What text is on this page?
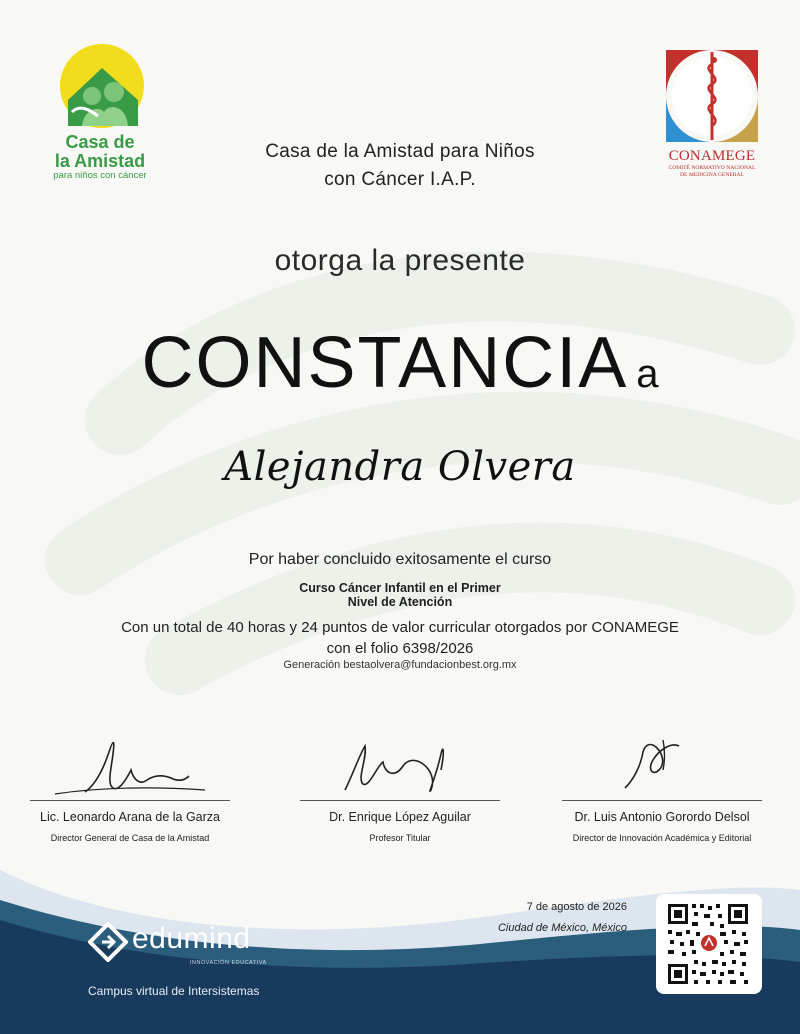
Casa de
la Amistad
para niños con cáncer
Casa de la Amistad para Niños
con Cáncer I.A.P.
CONAMEGE
COMITÉ NORMATIVO NACIONAL
DE MEDICINA GENERAL
otorga la presente
CONSTANCIA a
Alejandra Olvera
Por haber concluido exitosamente el curso
Curso Cáncer Infantil en el Primer
Nivel de Atención
Con un total de 40 horas y 24 puntos de valor curricular otorgados por CONAMEGE
con el folio 6398/2026
Generación bestaolvera@fundacionbest.org.mx
Lic. Leonardo Arana de la Garza
Director General de Casa de la Amistad
Dr. Enrique López Aguilar
Profesor Titular
Dr. Luis Antonio Gorordo Delsol
Director de Innovación Académica y Editorial
edumind
INNOVACIÓN EDUCATIVA
Campus virtual de Intersistemas
7 de agosto de 2026
Ciudad de México, México
